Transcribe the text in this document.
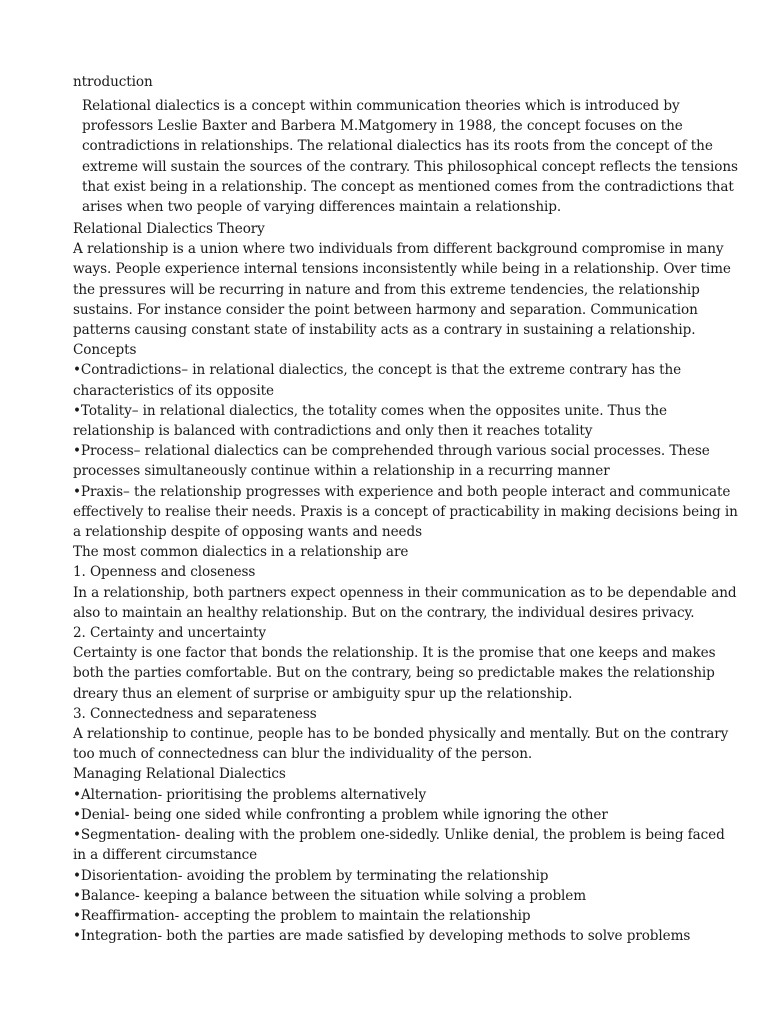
ntroduction

Relational dialectics is a concept within communication theories which is introduced by
professors Leslie Baxter and Barbera M.Matgomery in 1988, the concept focuses on the
contradictions in relationships. The relational dialectics has its roots from the concept of the
extreme will sustain the sources of the contrary. This philosophical concept reflects the tensions
that exist being in a relationship. The concept as mentioned comes from the contradictions that
arises when two people of varying differences maintain a relationship.

Relational Dialectics Theory
A relationship is a union where two individuals from different background compromise in many
ways. People experience internal tensions inconsistently while being in a relationship. Over time
the pressures will be recurring in nature and from this extreme tendencies, the relationship
sustains. For instance consider the point between harmony and separation. Communication
patterns causing constant state of instability acts as a contrary in sustaining a relationship.
Concepts
•Contradictions– in relational dialectics, the concept is that the extreme contrary has the
characteristics of its opposite
•Totality– in relational dialectics, the totality comes when the opposites unite. Thus the
relationship is balanced with contradictions and only then it reaches totality
•Process– relational dialectics can be comprehended through various social processes. These
processes simultaneously continue within a relationship in a recurring manner
•Praxis– the relationship progresses with experience and both people interact and communicate
effectively to realise their needs. Praxis is a concept of practicability in making decisions being in
a relationship despite of opposing wants and needs
The most common dialectics in a relationship are
1. Openness and closeness
In a relationship, both partners expect openness in their communication as to be dependable and
also to maintain an healthy relationship. But on the contrary, the individual desires privacy.
2. Certainty and uncertainty
Certainty is one factor that bonds the relationship. It is the promise that one keeps and makes
both the parties comfortable. But on the contrary, being so predictable makes the relationship
dreary thus an element of surprise or ambiguity spur up the relationship.
3. Connectedness and separateness
A relationship to continue, people has to be bonded physically and mentally. But on the contrary
too much of connectedness can blur the individuality of the person.
Managing Relational Dialectics
•Alternation- prioritising the problems alternatively
•Denial- being one sided while confronting a problem while ignoring the other
•Segmentation- dealing with the problem one-sidedly. Unlike denial, the problem is being faced
in a different circumstance
•Disorientation- avoiding the problem by terminating the relationship
•Balance- keeping a balance between the situation while solving a problem
•Reaffirmation- accepting the problem to maintain the relationship
•Integration- both the parties are made satisfied by developing methods to solve problems
